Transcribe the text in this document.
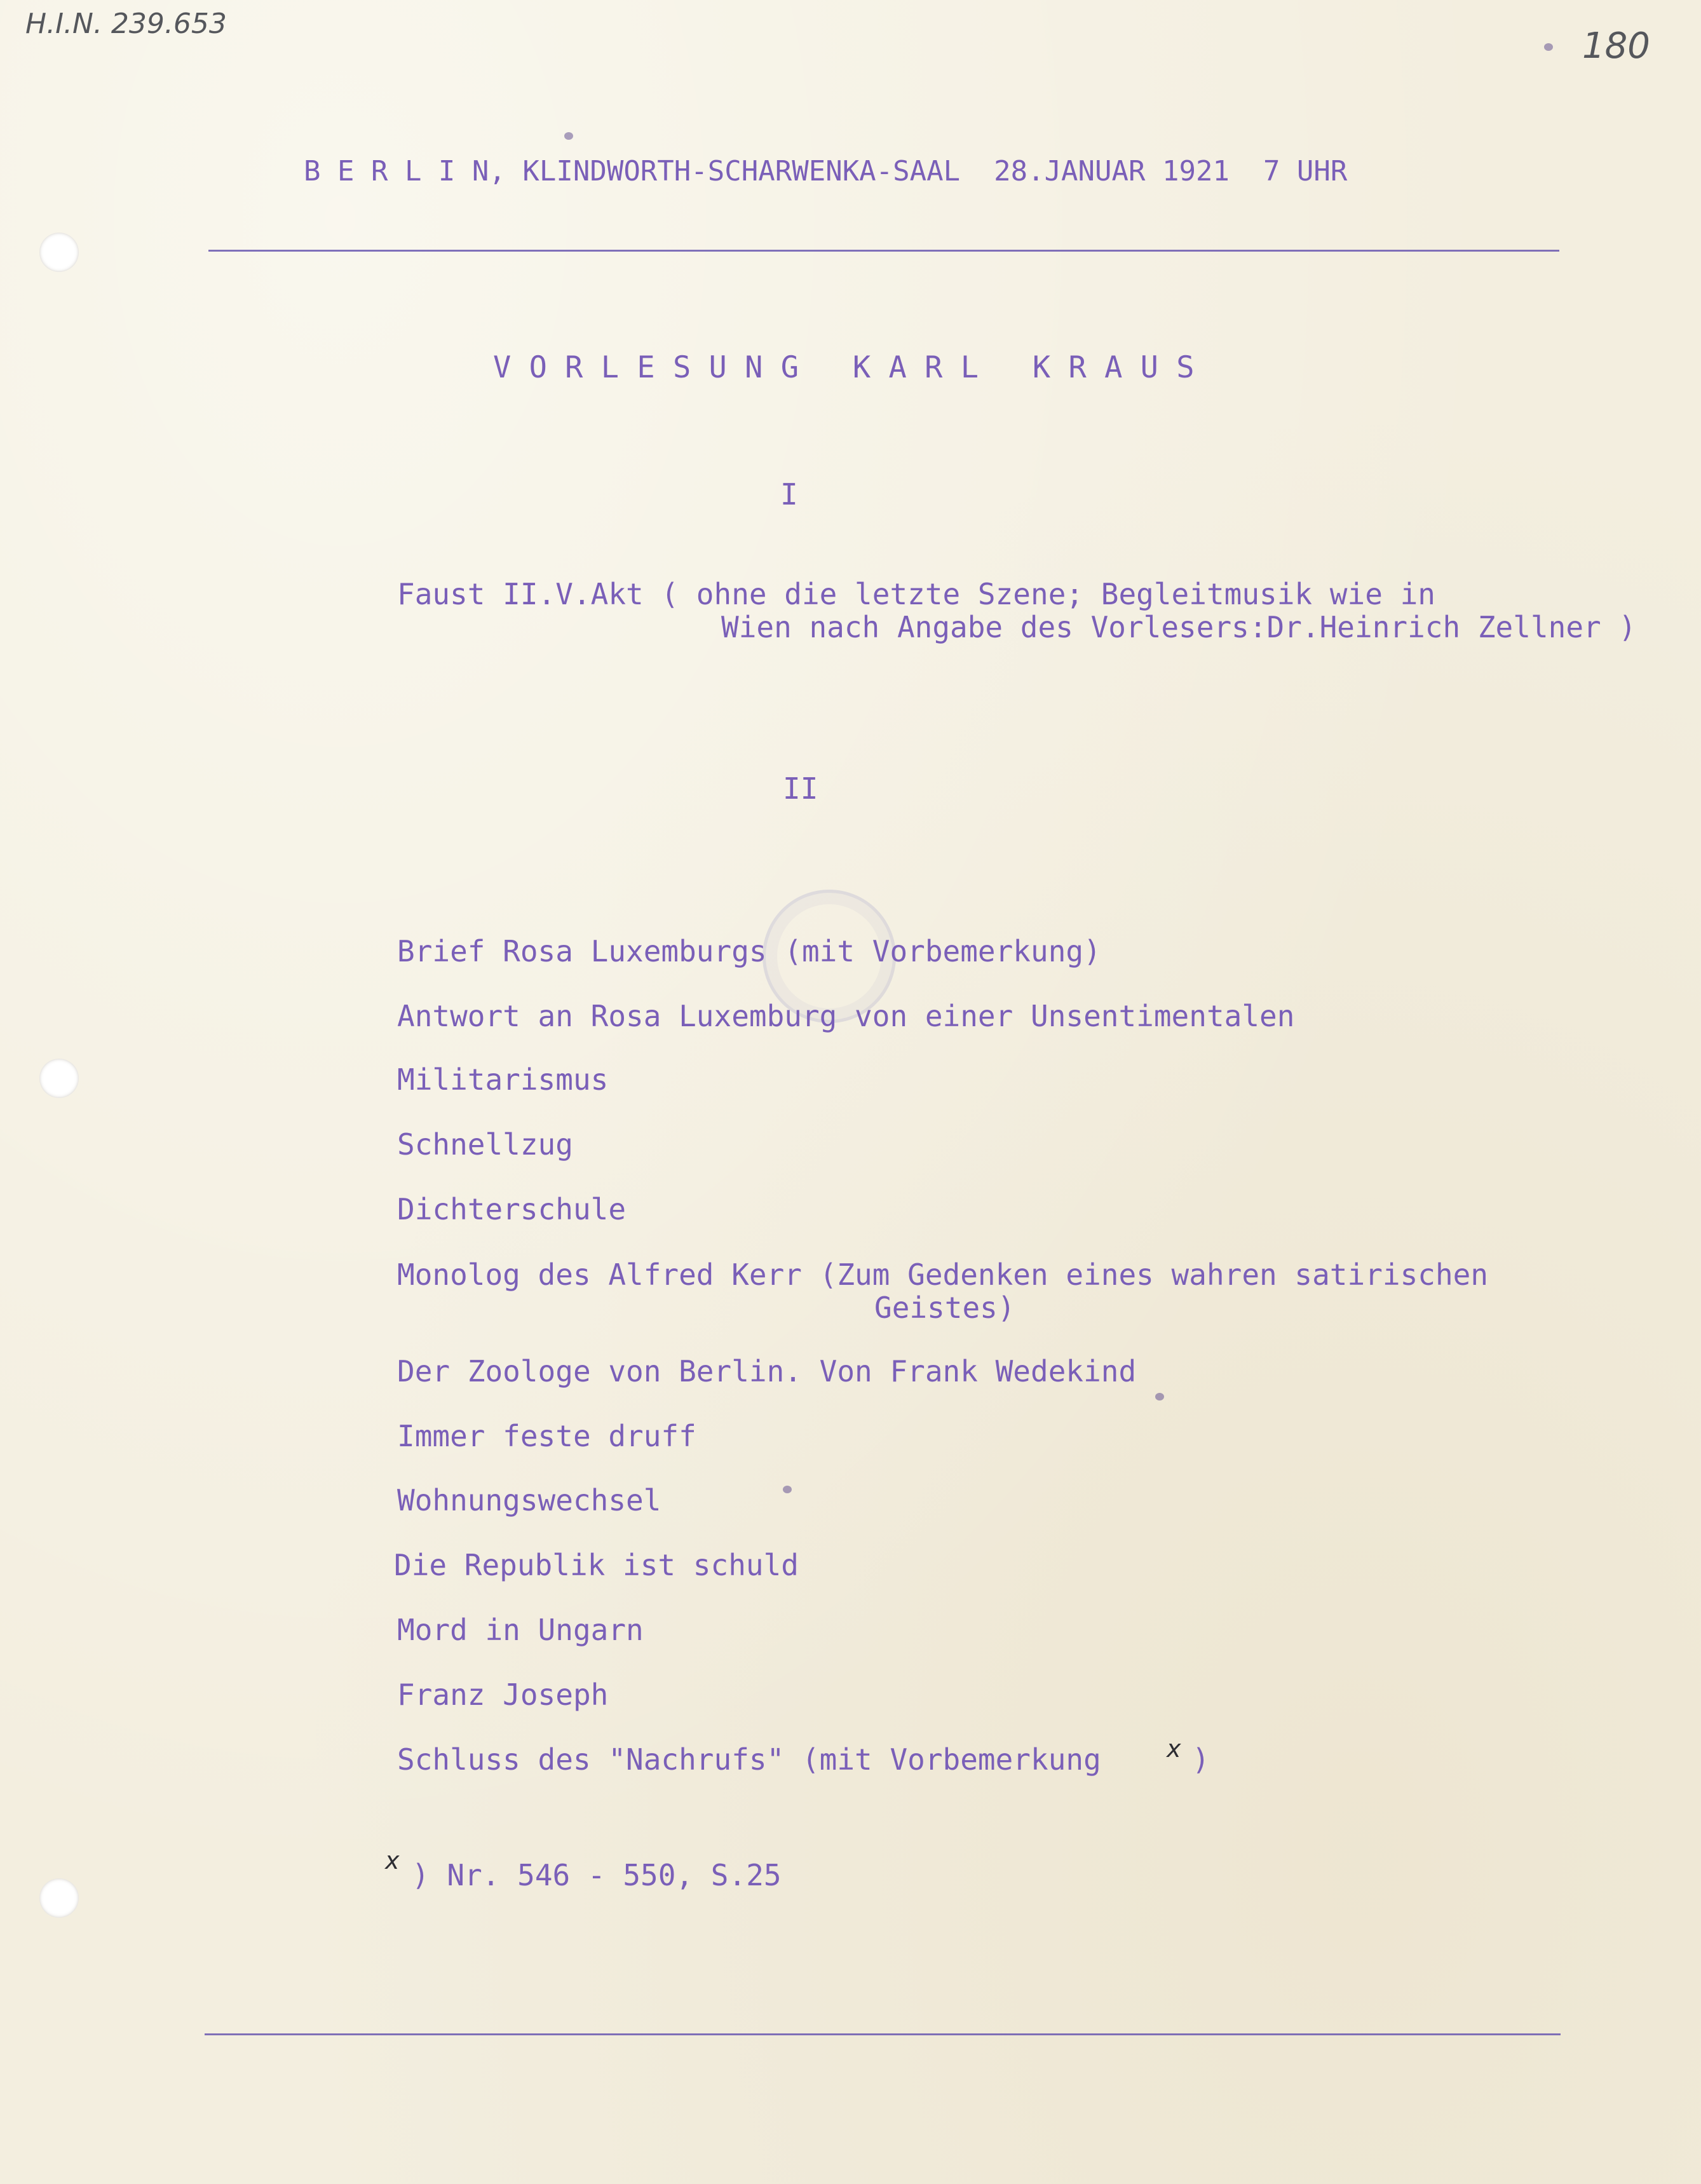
H.I.N. 239.653
180
B E R L I N, KLINDWORTH-SCHARWENKA-SAAL  28.JANUAR 1921  7 UHR
V O R L E S U N G   K A R L   K R A U S
I
Faust II.V.Akt ( ohne die letzte Szene; Begleitmusik wie in
Wien nach Angabe des Vorlesers:Dr.Heinrich Zellner )
II
Brief Rosa Luxemburgs (mit Vorbemerkung)
Antwort an Rosa Luxemburg von einer Unsentimentalen
Militarismus
Schnellzug
Dichterschule
Monolog des Alfred Kerr (Zum Gedenken eines wahren satirischen
Geistes)
Der Zoologe von Berlin. Von Frank Wedekind
Immer feste druff
Wohnungswechsel
Die Republik ist schuld
Mord in Ungarn
Franz Joseph
Schluss des "Nachrufs" (mit Vorbemerkung x )
x ) Nr. 546 - 550, S.25
